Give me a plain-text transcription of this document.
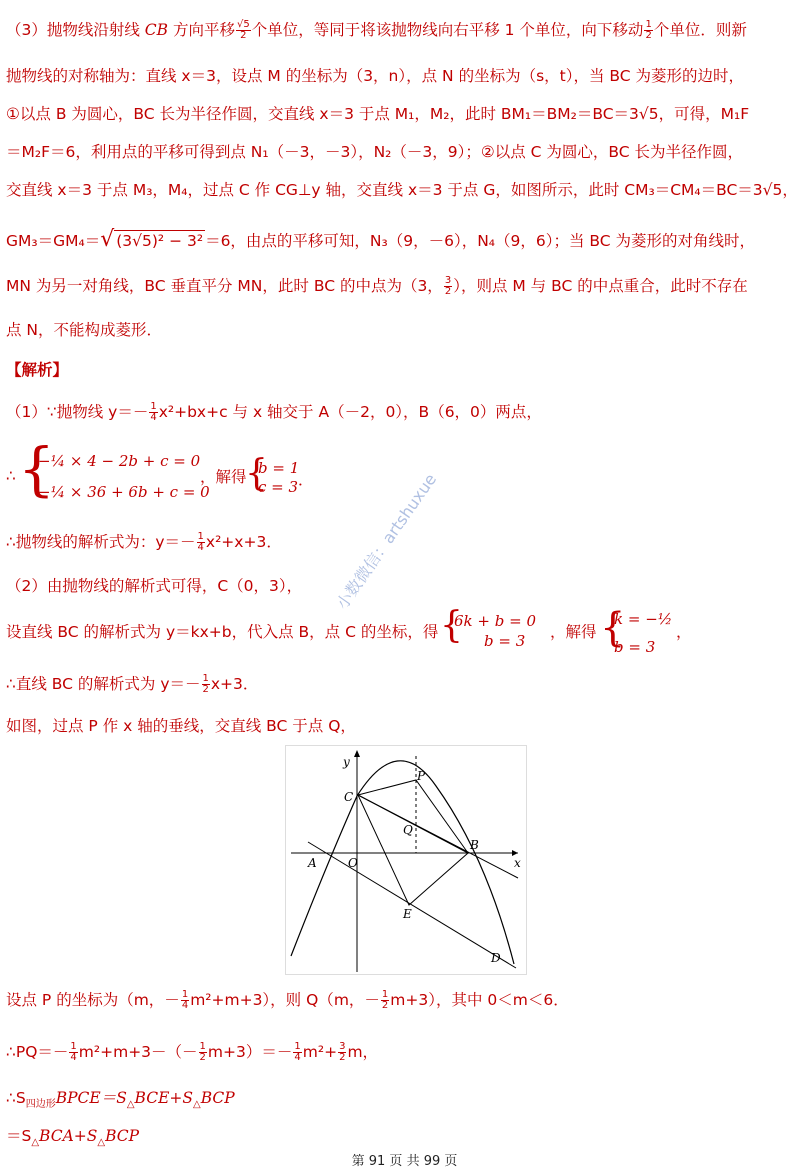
（3）抛物线沿射线 CB 方向平移 $\frac{√5}{2}$ 个单位，等同于将该抛物线向右平移 1 个单位，向下移动 $\frac{1}{2}$ 个单位．则新
抛物线的对称轴为：直线 x＝3，设点 M 的坐标为（3，n），点 N 的坐标为（s，t），当 BC 为菱形的边时，
①以点 B 为圆心，BC 长为半径作圆，交直线 x＝3 于点 M₁，M₂，此时 BM₁＝BM₂＝BC＝3√5，可得，M₁F
＝M₂F＝6，利用点的平移可得到点 N₁（－3，－3），N₂（－3，9）；②以点 C 为圆心，BC 长为半径作圆，
交直线 x＝3 于点 M₃，M₄，过点 C 作 CG⊥y 轴，交直线 x＝3 于点 G，如图所示，此时 CM₃＝CM₄＝BC＝3√5，
GM₃＝GM₄＝√ (3√5)² − 3² ＝6，由点的平移可知，N₃（9，－6），N₄（9，6）；当 BC 为菱形的对角线时，
MN 为另一对角线，BC 垂直平分 MN，此时 BC 的中点为（3， $\frac{3}{2}$ ），则点 M 与 BC 的中点重合，此时不存在
点 N，不能构成菱形．
【解析】
（1）∵抛物线 $y=- \frac{1}{4} x^2+bx+c$ 与 x 轴交于 A（－2，0），B（6，0）两点，
∴ {
−¼ × 4 − 2b + c = 0
−¼ × 36 + 6b + c = 0
，解得
{
b = 1
c = 3 ．
∴抛物线的解析式为：$y=- \frac{1}{4} x^2+x+3$．
（2）由抛物线的解析式可得，C（0，3），
设直线 BC 的解析式为 y＝kx+b，代入点 B，点 C 的坐标，得 {
6k + b = 0
b = 3 ，解得 {
k = −½
b = 3
，
∴直线 BC 的解析式为 $y=- \frac{1}{2} x+3$．
如图，过点 P 作 x 轴的垂线，交直线 BC 于点 Q，
y
x
P
C
Q
A	O
B
E
D
设点 P 的坐标为（m，－ $\frac{1}{4} m^2+m+3$），则 Q（m，－ $\frac{1}{2} m+3$），其中 0＜m＜6．
∴PQ＝－ $\frac{1}{4} m^2+m+3-(- \frac{1}{2} m+3)=- \frac{1}{4} m^2+ \frac{3}{2}$ m，
$\therefore S_{四边形}BPCE=S_\triangle BCE+S_\triangle BCP$
$=S_\triangle BCA+S_\triangle BCP$
小数微信：artshuxue
第 91 页 共 99 页
